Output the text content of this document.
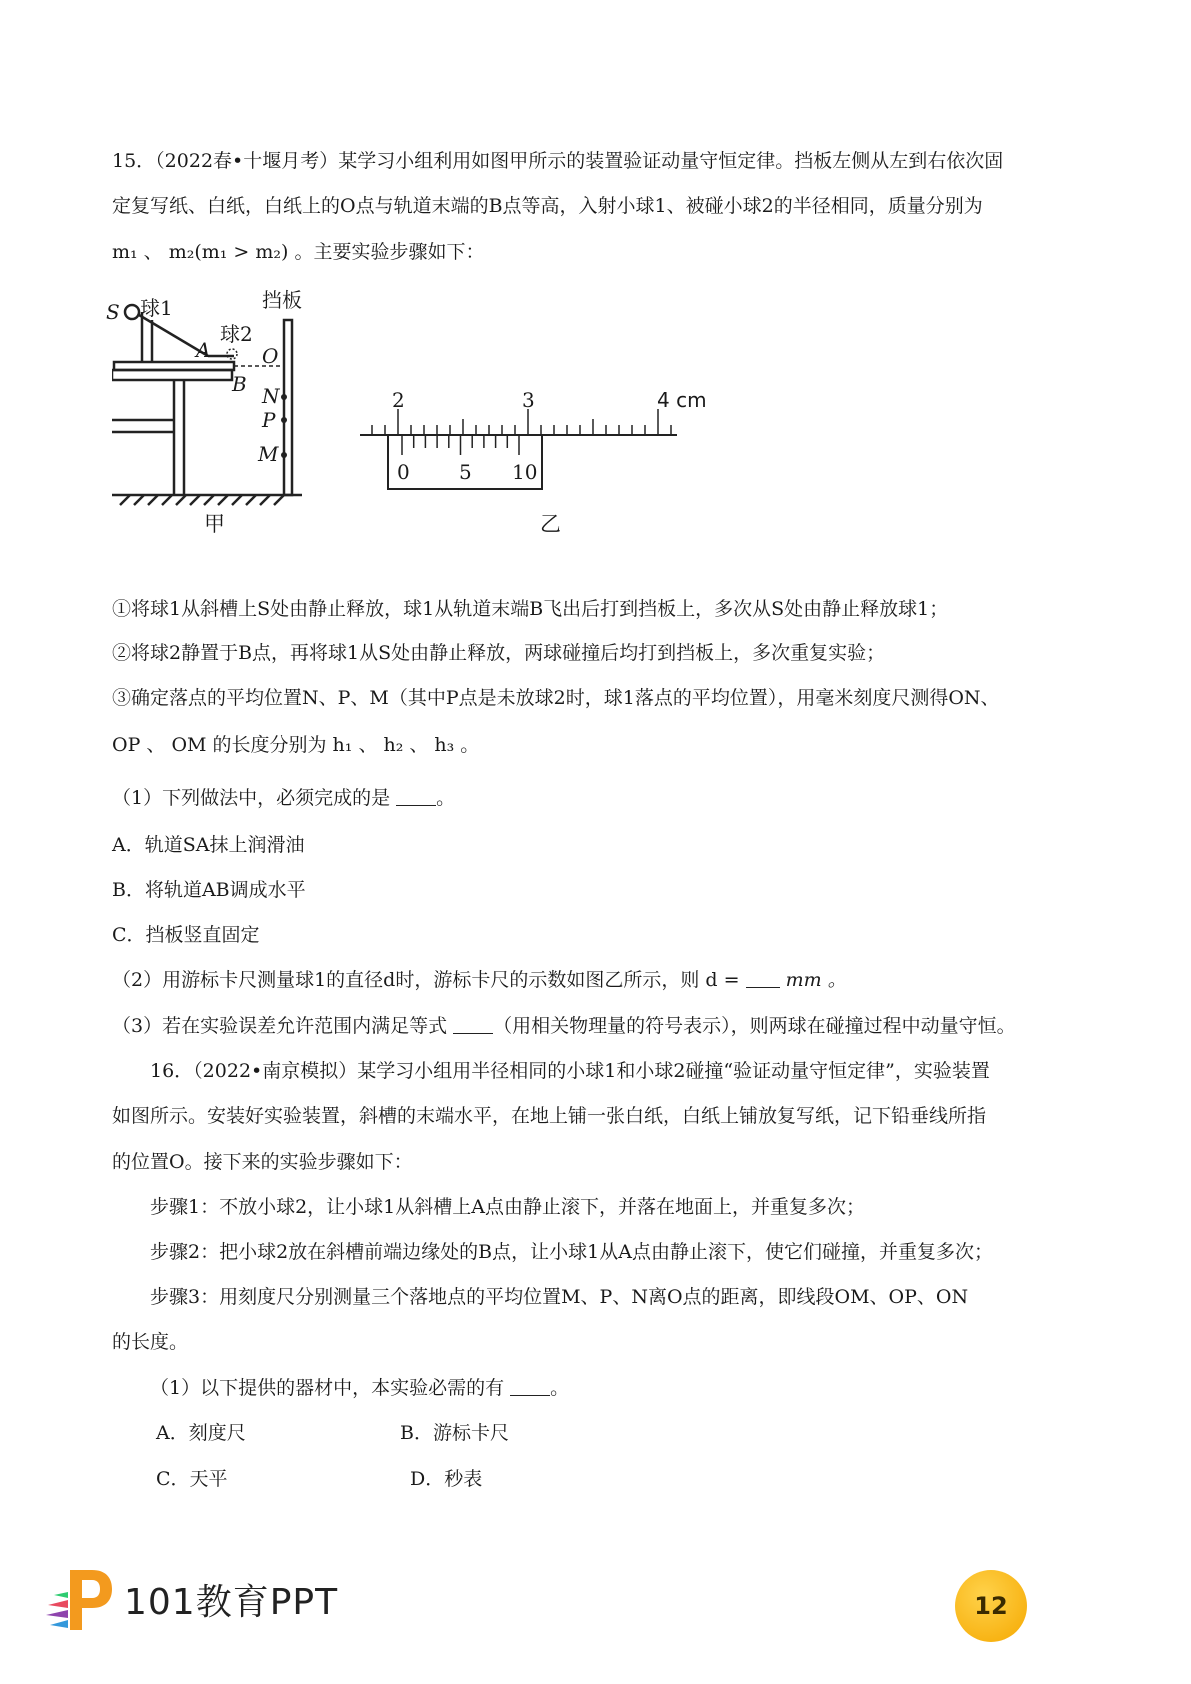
15．（2022春•十堰月考）某学习小组利用如图甲所示的装置验证动量守恒定律。挡板左侧从左到右依次固
定复写纸、白纸，白纸上的O点与轨道末端的B点等高，入射小球1、被碰小球2的半径相同，质量分别为
m₁ 、 m₂(m₁ > m₂) 。主要实验步骤如下：
S 球1	挡板
球2
A
B
O
N
P
M
2	3	4 cm
0 5 10
甲	乙
①将球1从斜槽上S处由静止释放，球1从轨道末端B飞出后打到挡板上，多次从S处由静止释放球1；
②将球2静置于B点，再将球1从S处由静止释放，两球碰撞后均打到挡板上，多次重复实验；
③确定落点的平均位置N、P、M（其中P点是未放球2时，球1落点的平均位置），用毫米刻度尺测得ON、
OP 、 OM 的长度分别为 h₁ 、 h₂ 、 h₃ 。
（1）下列做法中，必须完成的是 。
A．轨道SA抹上润滑油
B．将轨道AB调成水平
C．挡板竖直固定
（2）用游标卡尺测量球1的直径d时，游标卡尺的示数如图乙所示，则 d = mm 。
（3）若在实验误差允许范围内满足等式 （用相关物理量的符号表示），则两球在碰撞过程中动量守恒。
16．（2022•南京模拟）某学习小组用半径相同的小球1和小球2碰撞“验证动量守恒定律”，实验装置
如图所示。安装好实验装置，斜槽的末端水平，在地上铺一张白纸，白纸上铺放复写纸，记下铅垂线所指
的位置O。接下来的实验步骤如下：
步骤1：不放小球2，让小球1从斜槽上A点由静止滚下，并落在地面上，并重复多次；
步骤2：把小球2放在斜槽前端边缘处的B点，让小球1从A点由静止滚下，使它们碰撞，并重复多次；
步骤3：用刻度尺分别测量三个落地点的平均位置M、P、N离O点的距离，即线段OM、OP、ON
的长度。
（1）以下提供的器材中，本实验必需的有 。
A．刻度尺	B．游标卡尺
C．天平	D．秒表
101教育PPT	12
